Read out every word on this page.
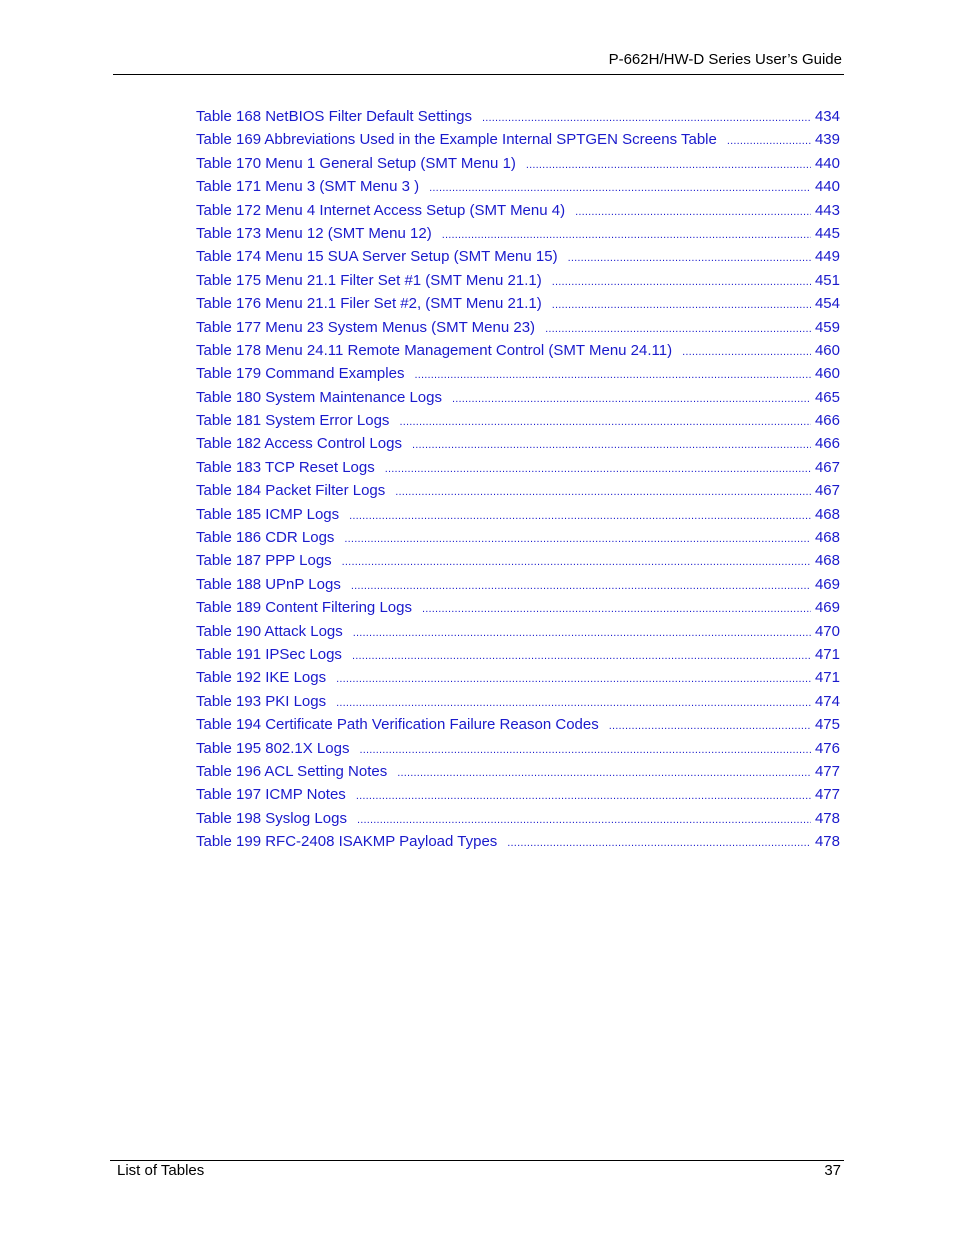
P-662H/HW-D Series User’s Guide
Table 168 NetBIOS Filter Default Settings .....	434
Table 169 Abbreviations Used in the Example Internal SPTGEN Screens Table .....	439
Table 170 Menu 1 General Setup (SMT Menu 1) .....	440
Table 171 Menu 3 (SMT Menu 3 ) .....	440
Table 172 Menu 4 Internet Access Setup (SMT Menu 4) .....	443
Table 173 Menu 12 (SMT Menu 12) .....	445
Table 174 Menu 15 SUA Server Setup (SMT Menu 15) .....	449
Table 175 Menu 21.1 Filter Set #1 (SMT Menu 21.1) .....	451
Table 176 Menu 21.1 Filer Set #2, (SMT Menu 21.1) .....	454
Table 177 Menu 23 System Menus (SMT Menu 23) .....	459
Table 178 Menu 24.11 Remote Management Control (SMT Menu 24.11) .....	460
Table 179 Command Examples .....	460
Table 180 System Maintenance Logs .....	465
Table 181 System Error Logs .....	466
Table 182 Access Control Logs .....	466
Table 183 TCP Reset Logs .....	467
Table 184 Packet Filter Logs .....	467
Table 185 ICMP Logs .....	468
Table 186 CDR Logs .....	468
Table 187 PPP Logs .....	468
Table 188 UPnP Logs .....	469
Table 189 Content Filtering Logs .....	469
Table 190 Attack Logs .....	470
Table 191 IPSec Logs .....	471
Table 192 IKE Logs .....	471
Table 193 PKI Logs .....	474
Table 194 Certificate Path Verification Failure Reason Codes .....	475
Table 195 802.1X Logs .....	476
Table 196 ACL Setting Notes .....	477
Table 197 ICMP Notes .....	477
Table 198 Syslog Logs .....	478
Table 199 RFC-2408 ISAKMP Payload Types .....	478
List of Tables	37
